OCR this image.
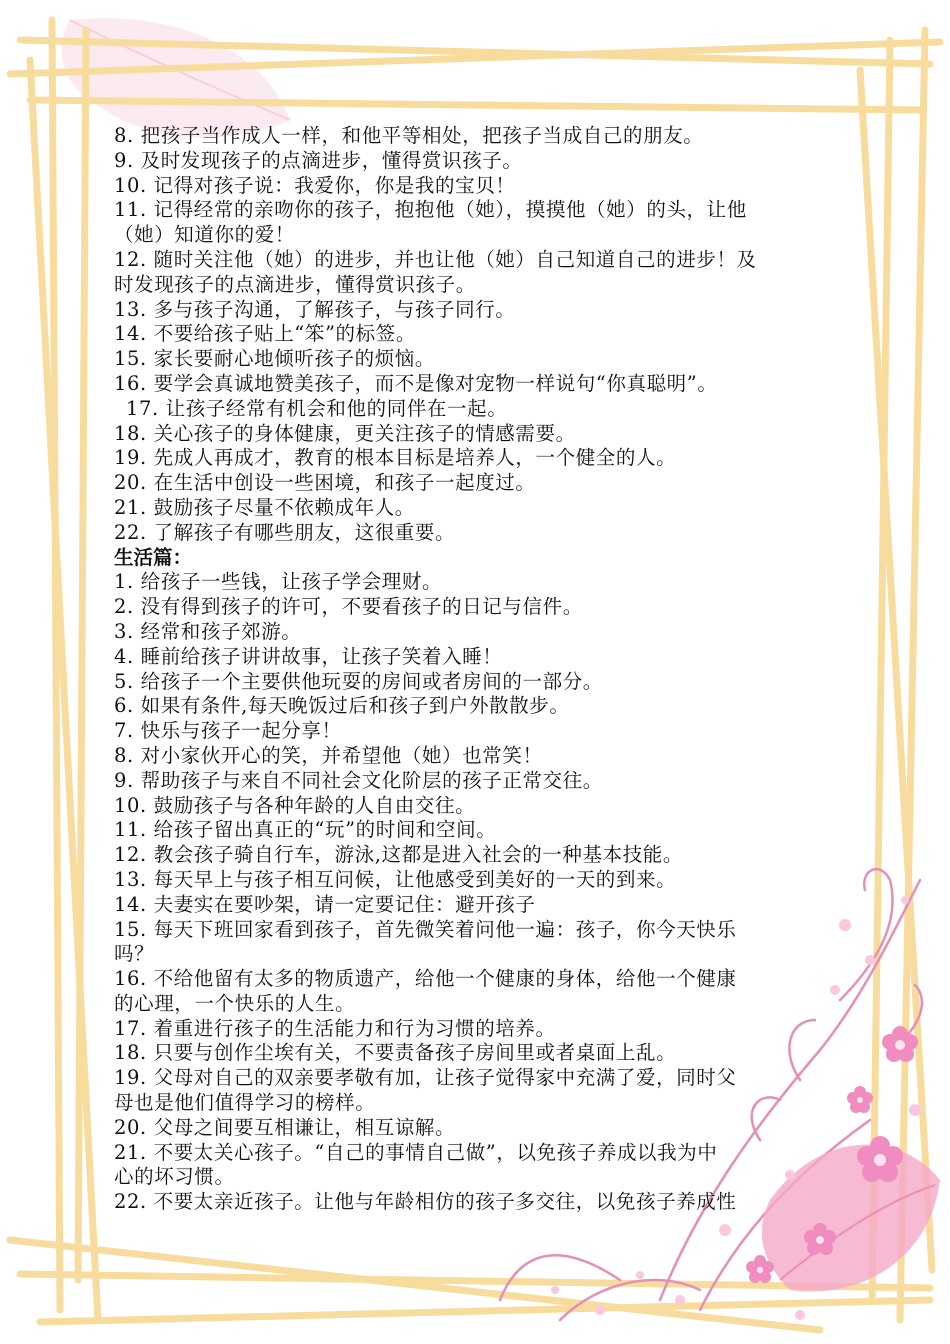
8. 把孩子当作成人一样，和他平等相处，把孩子当成自己的朋友。
9. 及时发现孩子的点滴进步，懂得赏识孩子。
10. 记得对孩子说：我爱你，你是我的宝贝！
11. 记得经常的亲吻你的孩子，抱抱他（她），摸摸他（她）的头，让他
（她）知道你的爱！
12. 随时关注他（她）的进步，并也让他（她）自己知道自己的进步！及
时发现孩子的点滴进步，懂得赏识孩子。
13. 多与孩子沟通，了解孩子，与孩子同行。
14. 不要给孩子贴上“笨”的标签。
15. 家长要耐心地倾听孩子的烦恼。
16. 要学会真诚地赞美孩子，而不是像对宠物一样说句“你真聪明”。
17. 让孩子经常有机会和他的同伴在一起。
18. 关心孩子的身体健康，更关注孩子的情感需要。
19. 先成人再成才，教育的根本目标是培养人，一个健全的人。
20. 在生活中创设一些困境，和孩子一起度过。
21. 鼓励孩子尽量不依赖成年人。
22. 了解孩子有哪些朋友，这很重要。
生活篇：
1. 给孩子一些钱，让孩子学会理财。
2. 没有得到孩子的许可，不要看孩子的日记与信件。
3. 经常和孩子郊游。
4. 睡前给孩子讲讲故事，让孩子笑着入睡！
5. 给孩子一个主要供他玩耍的房间或者房间的一部分。
6. 如果有条件,每天晚饭过后和孩子到户外散散步。
7. 快乐与孩子一起分享！
8. 对小家伙开心的笑，并希望他（她）也常笑！
9. 帮助孩子与来自不同社会文化阶层的孩子正常交往。
10. 鼓励孩子与各种年龄的人自由交往。
11. 给孩子留出真正的“玩”的时间和空间。
12. 教会孩子骑自行车，游泳,这都是进入社会的一种基本技能。
13. 每天早上与孩子相互问候，让他感受到美好的一天的到来。
14. 夫妻实在要吵架，请一定要记住：避开孩子
15. 每天下班回家看到孩子，首先微笑着问他一遍：孩子，你今天快乐
吗？
16. 不给他留有太多的物质遗产，给他一个健康的身体，给他一个健康
的心理，一个快乐的人生。
17. 着重进行孩子的生活能力和行为习惯的培养。
18. 只要与创作尘埃有关，不要责备孩子房间里或者桌面上乱。
19. 父母对自己的双亲要孝敬有加，让孩子觉得家中充满了爱，同时父
母也是他们值得学习的榜样。
20. 父母之间要互相谦让，相互谅解。
21. 不要太关心孩子。“自己的事情自己做”，以免孩子养成以我为中
心的坏习惯。
22. 不要太亲近孩子。让他与年龄相仿的孩子多交往，以免孩子养成性
